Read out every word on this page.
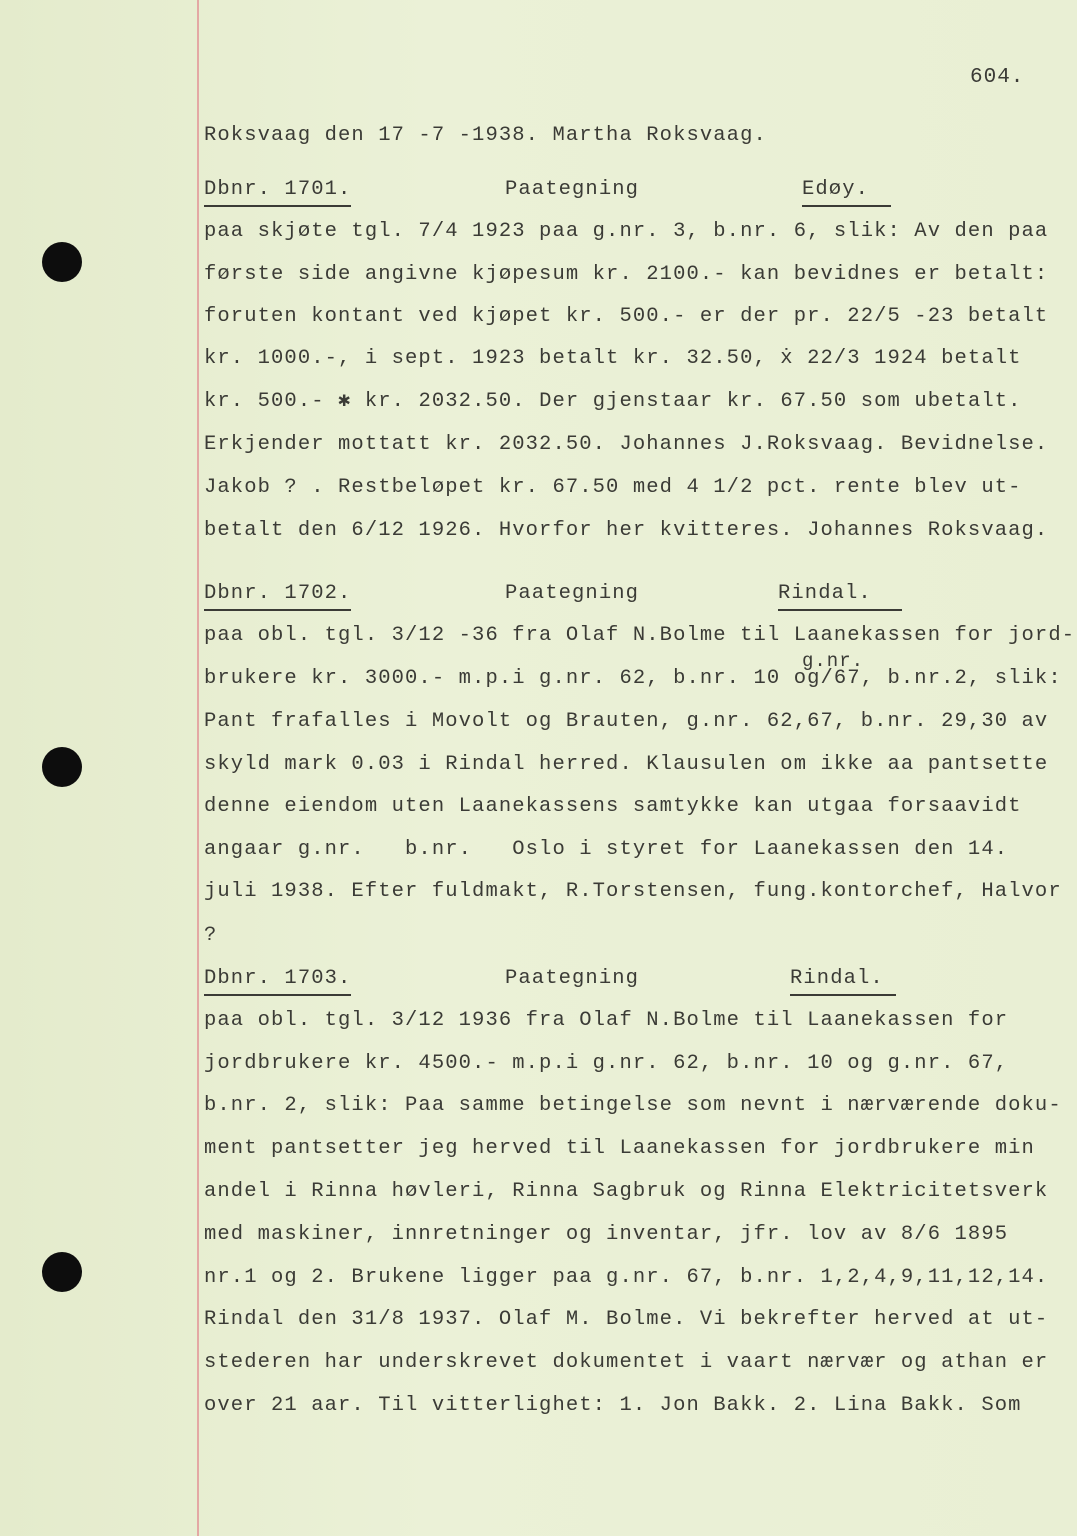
604.
Roksvaag den 17 -7 -1938. Martha Roksvaag.
Dbnr. 1701.	Paategning	Edøy.
paa skjøte tgl. 7/4 1923 paa g.nr. 3, b.nr. 6, slik: Av den paa
første side angivne kjøpesum kr. 2100.- kan bevidnes er betalt:
foruten kontant ved kjøpet kr. 500.- er der pr. 22/5 -23 betalt
kr. 1000.-, i sept. 1923 betalt kr. 32.50, ẋ 22/3 1924 betalt
kr. 500.- ✱ kr. 2032.50. Der gjenstaar kr. 67.50 som ubetalt.
Erkjender mottatt kr. 2032.50. Johannes J.Roksvaag. Bevidnelse.
Jakob ? . Restbeløpet kr. 67.50 med 4 1/2 pct. rente blev ut-
betalt den 6/12 1926. Hvorfor her kvitteres. Johannes Roksvaag.
Dbnr. 1702.	Paategning	Rindal.
paa obl. tgl. 3/12 -36 fra Olaf N.Bolme til Laanekassen for jord-
g.nr.
brukere kr. 3000.- m.p.i g.nr. 62, b.nr. 10 og/67, b.nr.2, slik:
Pant frafalles i Movolt og Brauten, g.nr. 62,67, b.nr. 29,30 av
skyld mark 0.03 i Rindal herred. Klausulen om ikke aa pantsette
denne eiendom uten Laanekassens samtykke kan utgaa forsaavidt
angaar g.nr.   b.nr.   Oslo i styret for Laanekassen den 14.
juli 1938. Efter fuldmakt, R.Torstensen, fung.kontorchef, Halvor
?
Dbnr. 1703.	Paategning	Rindal.
paa obl. tgl. 3/12 1936 fra Olaf N.Bolme til Laanekassen for
jordbrukere kr. 4500.- m.p.i g.nr. 62, b.nr. 10 og g.nr. 67,
b.nr. 2, slik: Paa samme betingelse som nevnt i nærværende doku-
ment pantsetter jeg herved til Laanekassen for jordbrukere min
andel i Rinna høvleri, Rinna Sagbruk og Rinna Elektricitetsverk
med maskiner, innretninger og inventar, jfr. lov av 8/6 1895
nr.1 og 2. Brukene ligger paa g.nr. 67, b.nr. 1,2,4,9,11,12,14.
Rindal den 31/8 1937. Olaf M. Bolme. Vi bekrefter herved at ut-
stederen har underskrevet dokumentet i vaart nærvær og athan er
over 21 aar. Til vitterlighet: 1. Jon Bakk. 2. Lina Bakk. Som
